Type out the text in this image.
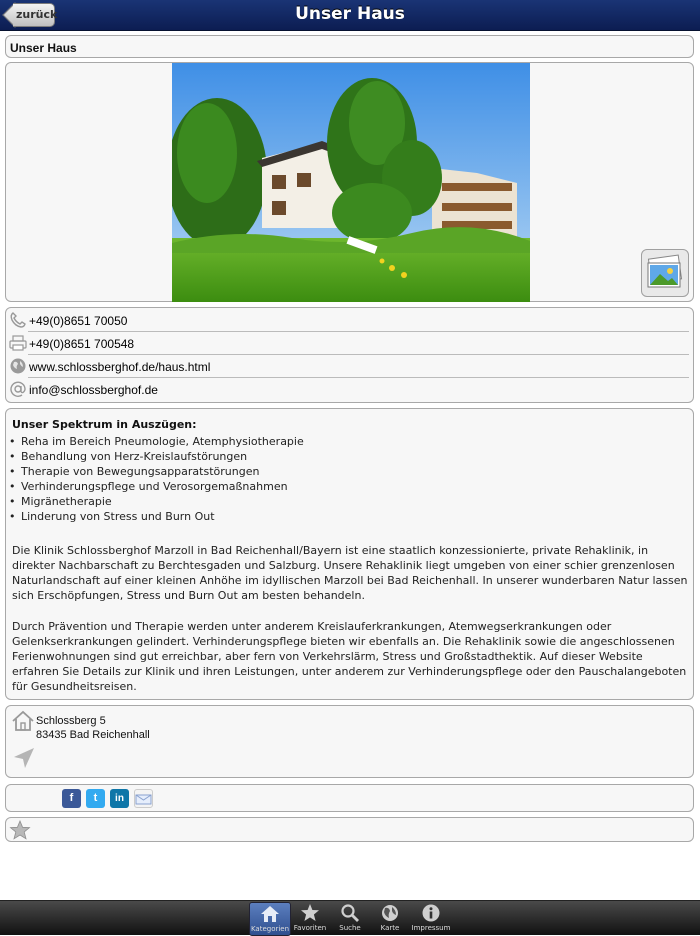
zurück	Unser Haus
Unser Haus
+49(0)8651 70050
+49(0)8651 700548
www.schlossberghof.de/haus.html
info@schlossberghof.de
Unser Spektrum in Auszügen:
• Reha im Bereich Pneumologie, Atemphysiotherapie
• Behandlung von Herz-Kreislaufstörungen
• Therapie von Bewegungsapparatstörungen
• Verhinderungspflege und Verosorgemaßnahmen
• Migränetherapie
• Linderung von Stress und Burn Out

Die Klinik Schlossberghof Marzoll in Bad Reichenhall/Bayern ist eine staatlich konzessionierte, private Rehaklinik, in direkter Nachbarschaft zu Berchtesgaden und Salzburg. Unsere Rehaklinik liegt umgeben von einer schier grenzenlosen Naturlandschaft auf einer kleinen Anhöhe im idyllischen Marzoll bei Bad Reichenhall. In unserer wunderbaren Natur lassen sich Erschöpfungen, Stress und Burn Out am besten behandeln.

Durch Prävention und Therapie werden unter anderem Kreislauferkrankungen, Atemwegserkrankungen oder Gelenkserkrankungen gelindert. Verhinderungspflege bieten wir ebenfalls an. Die Rehaklinik sowie die angeschlossenen Ferienwohnungen sind gut erreichbar, aber fern von Verkehrslärm, Stress und Großstadthektik. Auf dieser Website erfahren Sie Details zur Klinik und ihren Leistungen, unter anderem zur Verhinderungspflege oder den Pauschalangeboten für Gesundheitsreisen.

Schlossberg 5
83435 Bad Reichenhall
f	t	in
Kategorien Favoriten	Suche	Karte	Impressum
